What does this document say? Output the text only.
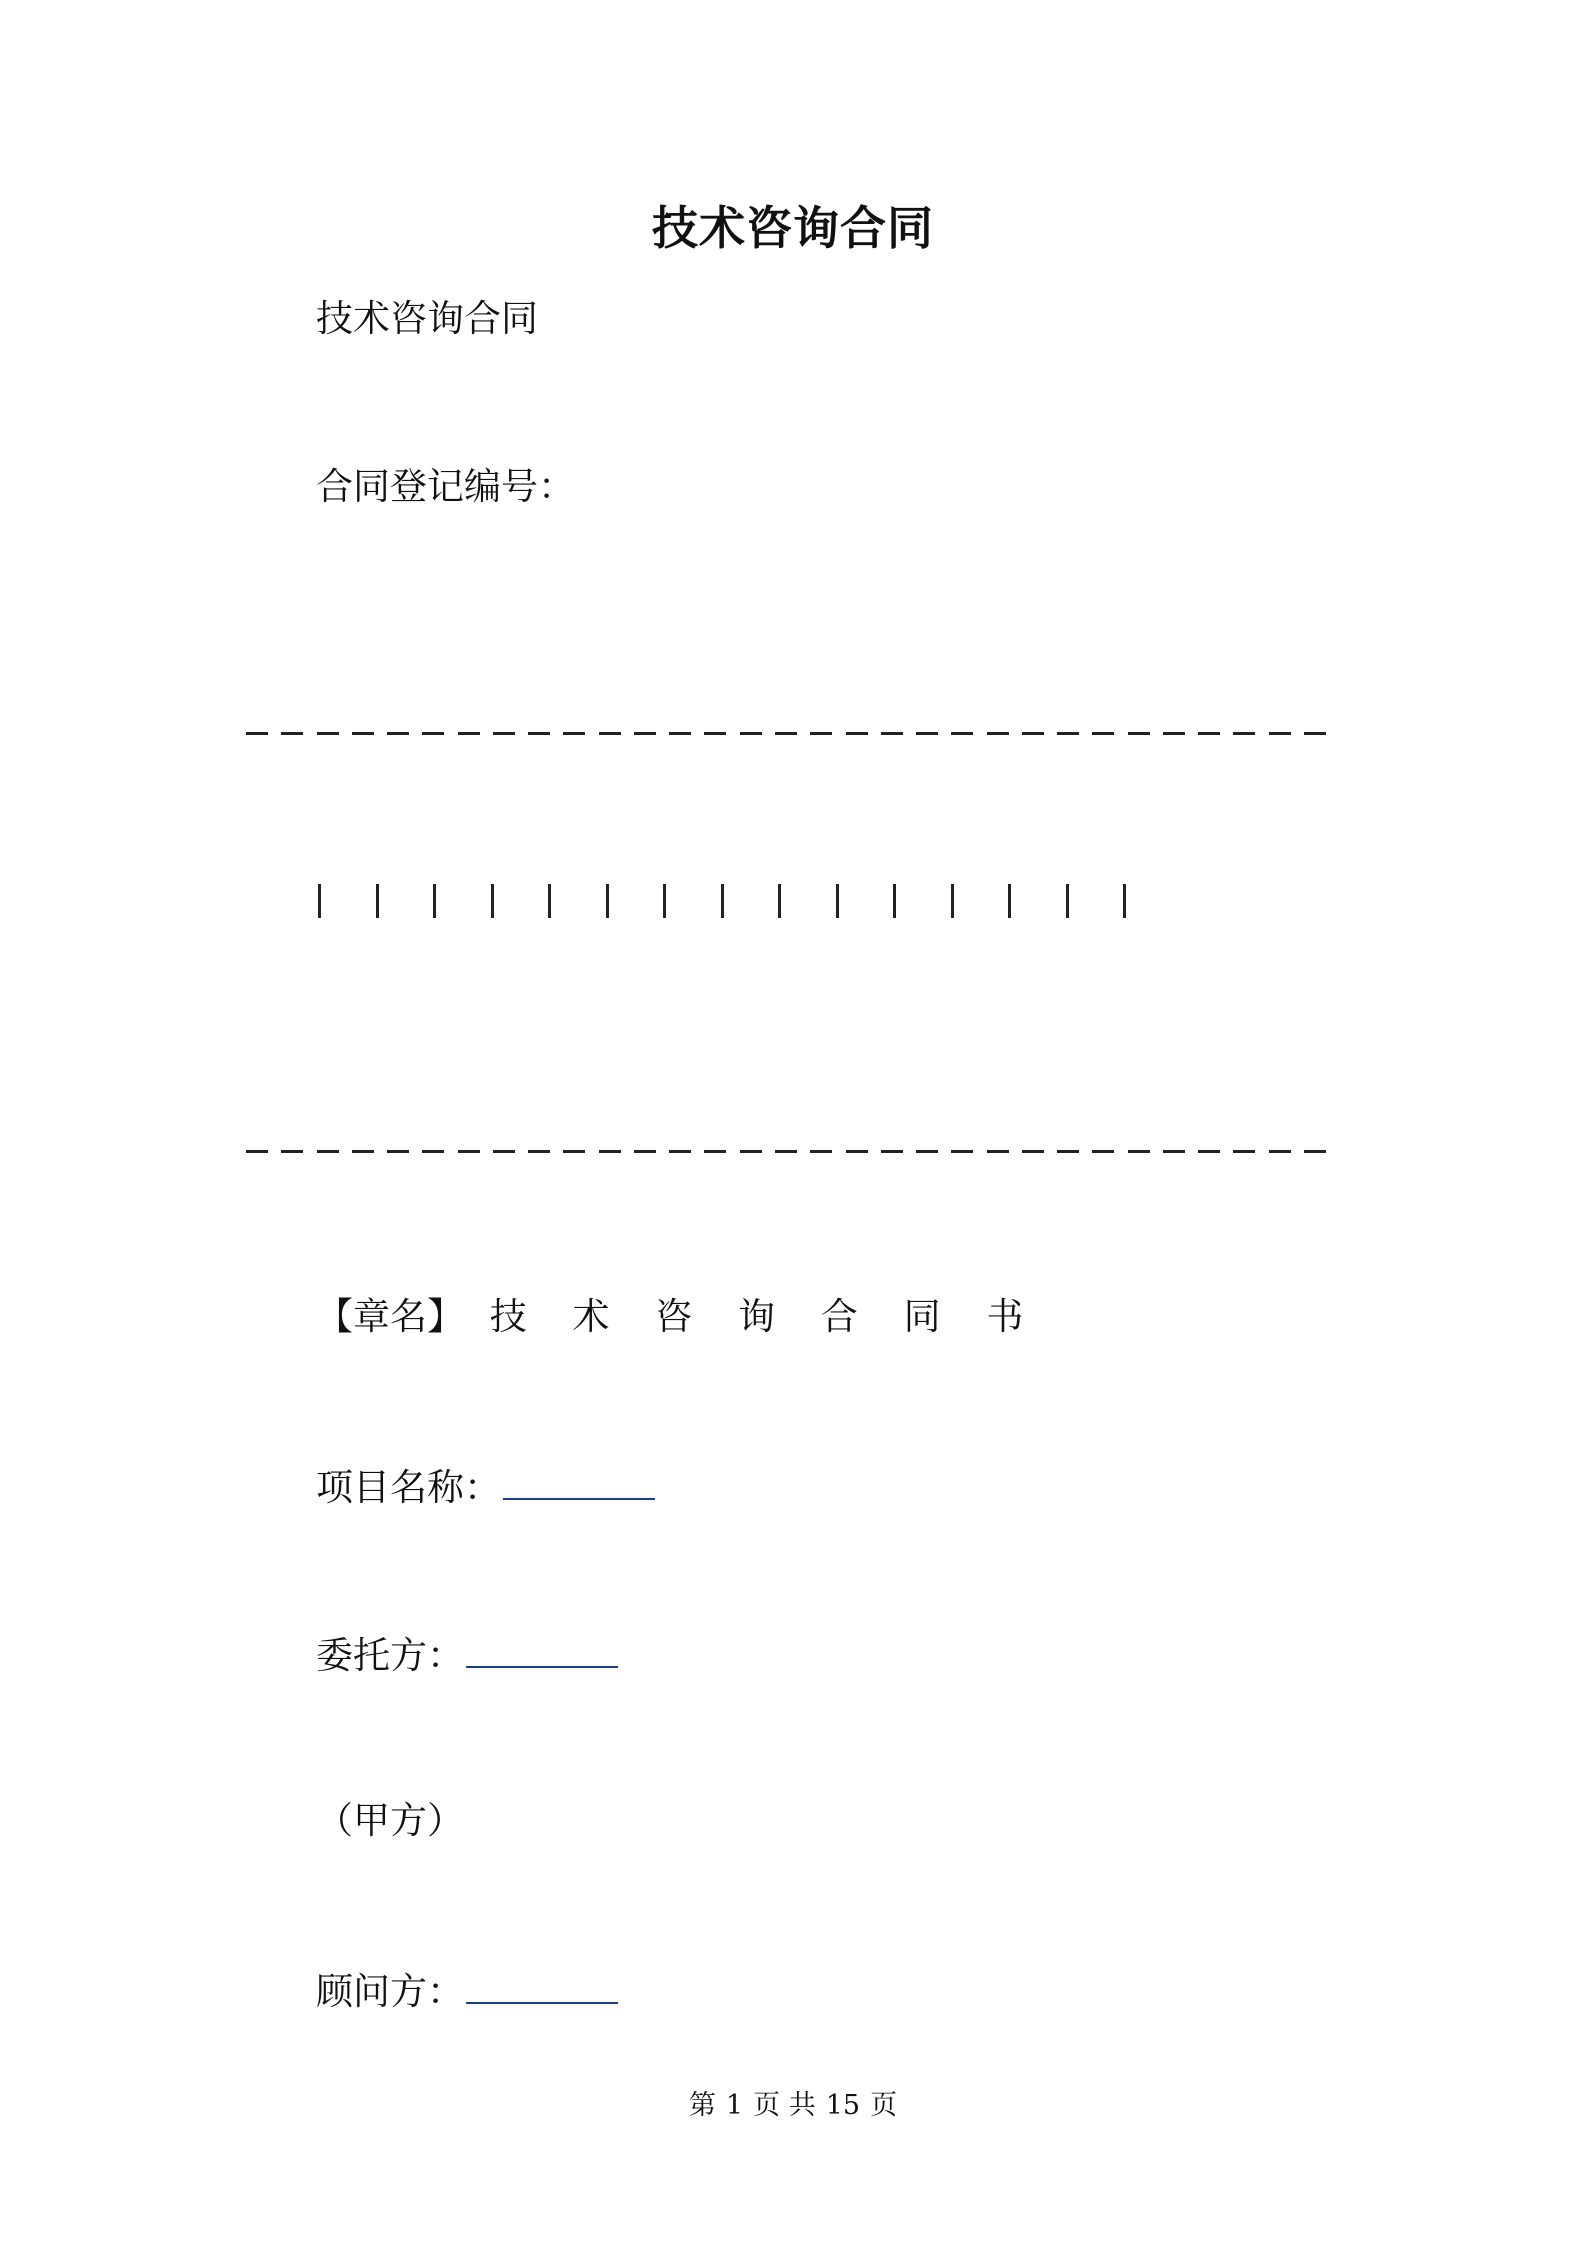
技术咨询合同
技术咨询合同
合同登记编号：
【章名】 技 术 咨 询 合 同 书
项目名称：
委托方：
（甲方）
顾问方：
第 1 页 共 15 页
